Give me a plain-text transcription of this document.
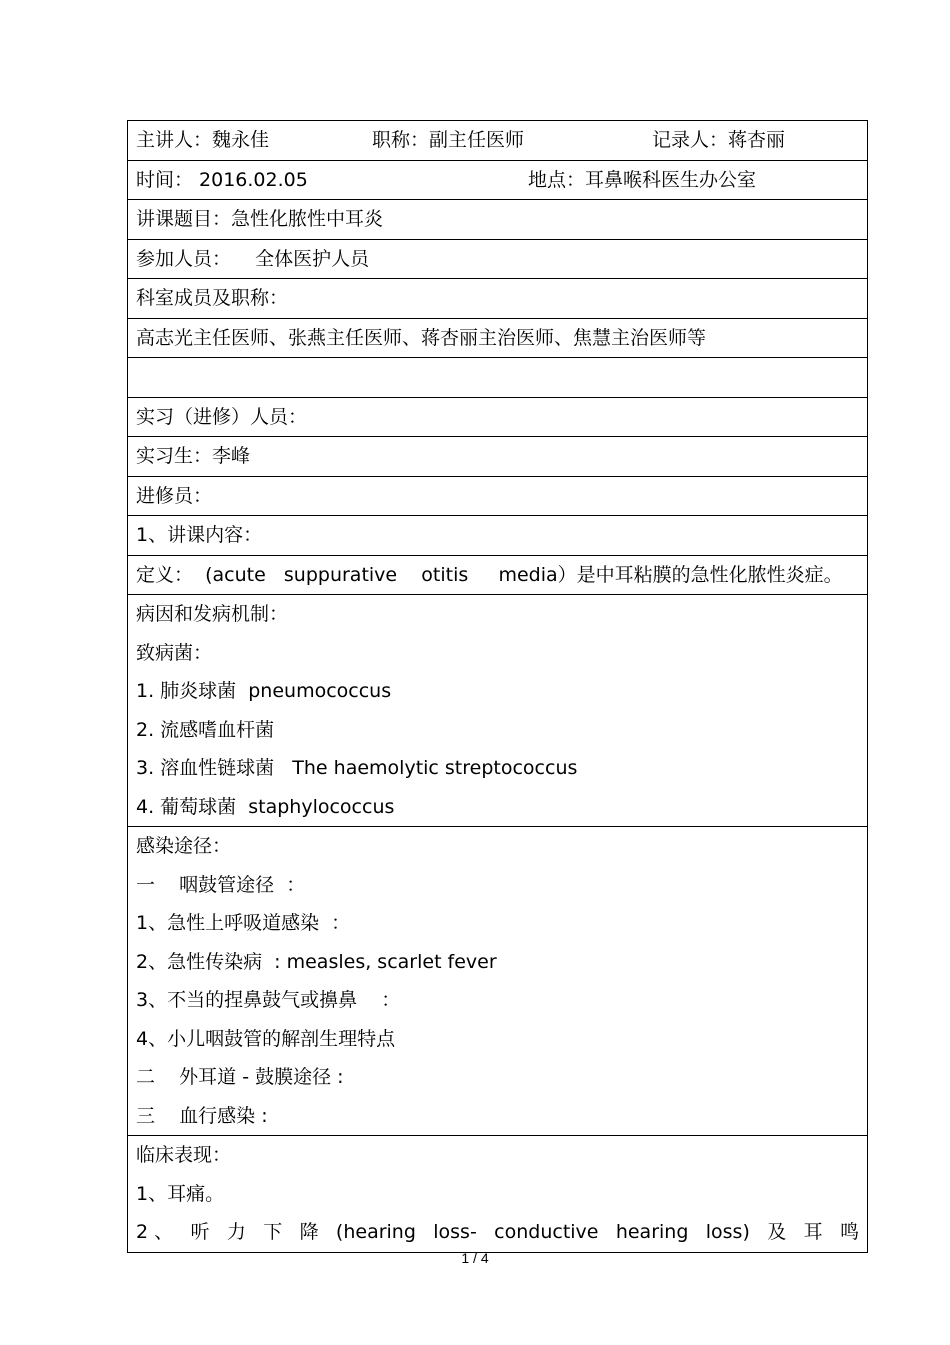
主讲人：魏永佳	职称：副主任医师	记录人：蒋杏丽
时间： 2016.02.05	地点：耳鼻喉科医生办公室
讲课题目：急性化脓性中耳炎
参加人员：    全体医护人员
科室成员及职称：
高志光主任医师、张燕主任医师、蒋杏丽主治医师、焦慧主治医师等
实习（进修）人员：
实习生：李峰
进修员：
1、讲课内容：
定义：  (acute   suppurative    otitis     media）是中耳粘膜的急性化脓性炎症。
病因和发病机制：
致病菌：
1. 肺炎球菌  pneumococcus
2. 流感嗜血杆菌
3. 溶血性链球菌   The haemolytic streptococcus
4. 葡萄球菌  staphylococcus
感染途径：
一    咽鼓管途径  ：
1、急性上呼吸道感染  ：
2、急性传染病  : measles, scarlet fever
3、不当的捏鼻鼓气或擤鼻    ：
4、小儿咽鼓管的解剖生理特点
二    外耳道 - 鼓膜途径 :
三    血行感染 :
临床表现：
1、耳痛。
2 、 听 力 下 降 (hearing loss- conductive hearing loss) 及 耳 鸣
1 / 4
